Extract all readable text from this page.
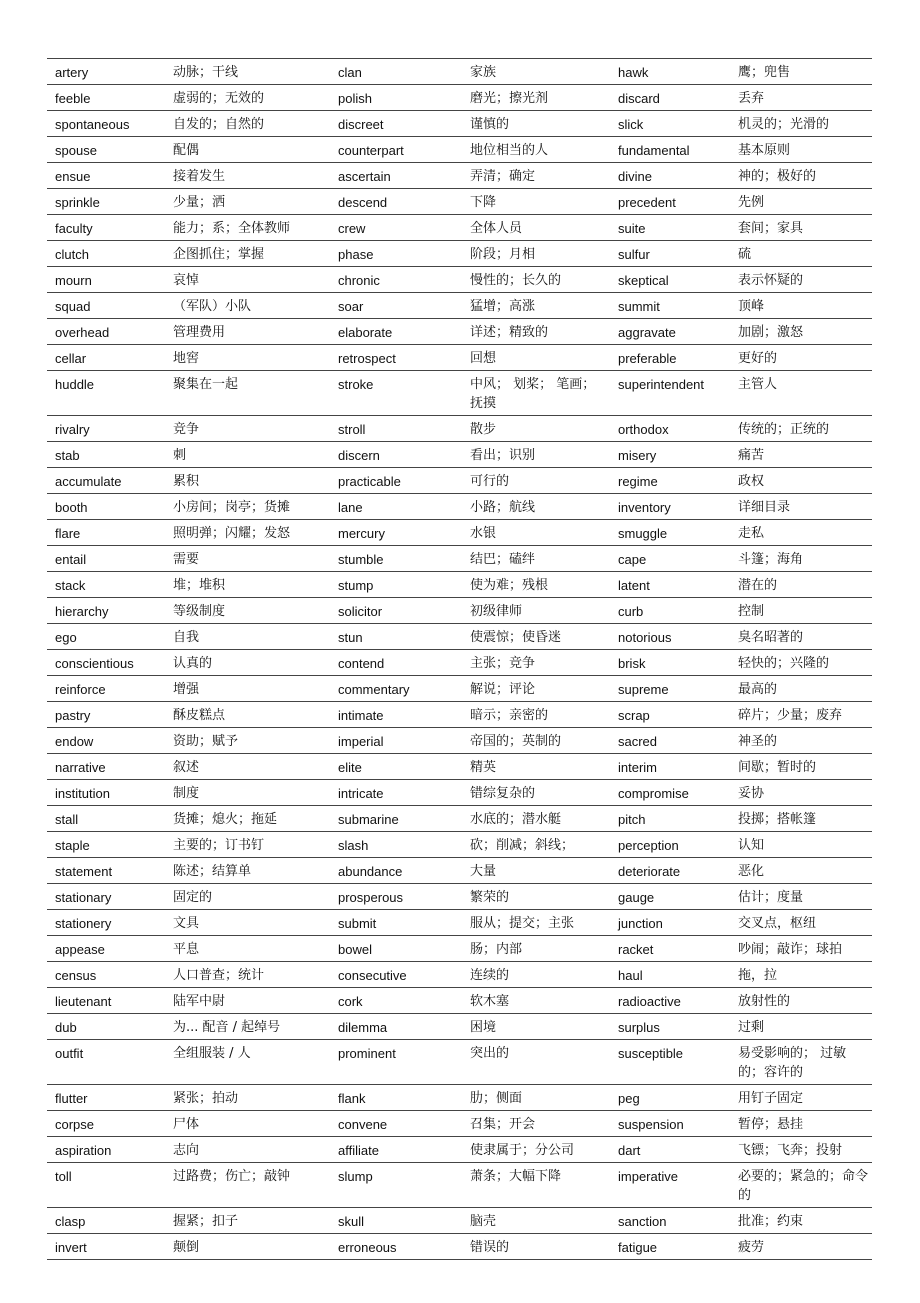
artery	动脉；干线	clan	家族	hawk	鹰；兜售
feeble	虚弱的；无效的	polish	磨光；擦光剂	discard	丢弃
spontaneous	自发的；自然的	discreet	谨慎的	slick	机灵的；光滑的
spouse	配偶	counterpart	地位相当的人	fundamental	基本原则
ensue	接着发生	ascertain	弄清；确定	divine	神的；极好的
sprinkle	少量；洒	descend	下降	precedent	先例
faculty	能力；系；全体教师	crew	全体人员	suite	套间；家具
clutch	企图抓住；掌握	phase	阶段；月相	sulfur	硫
mourn	哀悼	chronic	慢性的；长久的	skeptical	表示怀疑的
squad	（军队）小队	soar	猛增；高涨	summit	顶峰
overhead	管理费用	elaborate	详述；精致的	aggravate	加剧；激怒
cellar	地窖	retrospect	回想	preferable	更好的
huddle	聚集在一起	stroke	中风； 划桨； 笔画； 抚摸	superintendent	主管人
rivalry	竞争	stroll	散步	orthodox	传统的；正统的
stab	刺	discern	看出；识别	misery	痛苦
accumulate	累积	practicable	可行的	regime	政权
booth	小房间；岗亭；货摊	lane	小路；航线	inventory	详细目录
flare	照明弹；闪耀；发怒	mercury	水银	smuggle	走私
entail	需要	stumble	结巴；磕绊	cape	斗篷；海角
stack	堆；堆积	stump	使为难；残根	latent	潜在的
hierarchy	等级制度	solicitor	初级律师	curb	控制
ego	自我	stun	使震惊；使昏迷	notorious	臭名昭著的
conscientious	认真的	contend	主张；竞争	brisk	轻快的；兴隆的
reinforce	增强	commentary	解说；评论	supreme	最高的
pastry	酥皮糕点	intimate	暗示；亲密的	scrap	碎片；少量；废弃
endow	资助；赋予	imperial	帝国的；英制的	sacred	神圣的
narrative	叙述	elite	精英	interim	间歇；暂时的
institution	制度	intricate	错综复杂的	compromise	妥协
stall	货摊；熄火；拖延	submarine	水底的；潜水艇	pitch	投掷；搭帐篷
staple	主要的；订书钉	slash	砍；削减；斜线；	perception	认知
statement	陈述；结算单	abundance	大量	deteriorate	恶化
stationary	固定的	prosperous	繁荣的	gauge	估计；度量
stationery	文具	submit	服从；提交；主张	junction	交叉点，枢纽
appease	平息	bowel	肠；内部	racket	吵闹；敲诈；球拍
census	人口普查；统计	consecutive	连续的	haul	拖，拉
lieutenant	陆军中尉	cork	软木塞	radioactive	放射性的
dub	为... 配音 / 起绰号	dilemma	困境	surplus	过剩
outfit	全组服装 / 人	prominent	突出的	susceptible	易受影响的； 过敏的；容许的
flutter	紧张；拍动	flank	肋；侧面	peg	用钉子固定
corpse	尸体	convene	召集；开会	suspension	暂停；悬挂
aspiration	志向	affiliate	使隶属于；分公司	dart	飞镖；飞奔；投射
toll	过路费；伤亡；敲钟	slump	萧条；大幅下降	imperative	必要的；紧急的；命令的
clasp	握紧；扣子	skull	脑壳	sanction	批准；约束
invert	颠倒	erroneous	错误的	fatigue	疲劳
